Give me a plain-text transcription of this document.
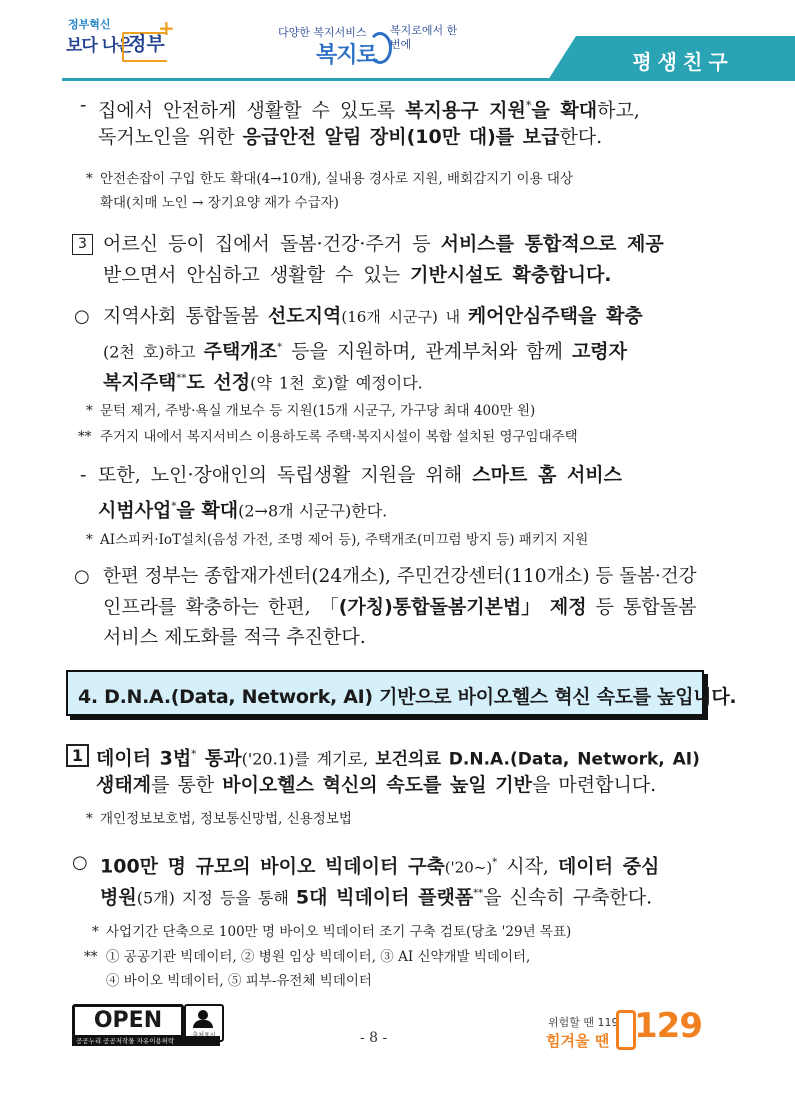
정부혁신
보다 나은
정부
+	다양한 복지서비스
복지로
복지로에서 한 번에
평생친구
- 집에서 안전하게 생활할 수 있도록 복지용구 지원*을 확대하고,
독거노인을 위한 응급안전 알림 장비(10만 대)를 보급한다.
* 안전손잡이 구입 한도 확대(4→10개), 실내용 경사로 지원, 배회감지기 이용 대상
확대(치매 노인 → 장기요양 재가 수급자)
3 어르신 등이 집에서 돌봄·건강·주거 등 서비스를 통합적으로 제공
받으면서 안심하고 생활할 수 있는 기반시설도 확충합니다.
○ 지역사회 통합돌봄 선도지역(16개 시군구) 내 케어안심주택을 확충
(2천 호)하고 주택개조* 등을 지원하며, 관계부처와 함께 고령자
복지주택**도 선정(약 1천 호)할 예정이다.
* 문턱 제거, 주방·욕실 개보수 등 지원(15개 시군구, 가구당 최대 400만 원)
** 주거지 내에서 복지서비스 이용하도록 주택·복지시설이 복합 설치된 영구임대주택
- 또한, 노인·장애인의 독립생활 지원을 위해 스마트 홈 서비스
시범사업*을 확대(2→8개 시군구)한다.
* AI스피커·IoT설치(음성 가전, 조명 제어 등), 주택개조(미끄럼 방지 등) 패키지 지원
○ 한편 정부는 종합재가센터(24개소), 주민건강센터(110개소) 등 돌봄·건강
인프라를 확충하는 한편, 「(가칭)통합돌봄기본법」 제정 등 통합돌봄
서비스 제도화를 적극 추진한다.
4. D.N.A.(Data, Network, AI) 기반으로 바이오헬스 혁신 속도를 높입니다.
1 데이터 3법* 통과('20.1)를 계기로, 보건의료 D.N.A.(Data, Network, AI)
생태계를 통한 바이오헬스 혁신의 속도를 높일 기반을 마련합니다.
* 개인정보보호법, 정보통신망법, 신용정보법
○ 100만 명 규모의 바이오 빅데이터 구축('20~)* 시작, 데이터 중심
병원(5개) 지정 등을 통해 5대 빅데이터 플랫폼**을 신속히 구축한다.
* 사업기간 단축으로 100만 명 바이오 빅데이터 조기 구축 검토(당초 '29년 목표)
** ① 공공기관 빅데이터, ② 병원 임상 빅데이터, ③ AI 신약개발 빅데이터,
④ 바이오 빅데이터, ⑤ 피부-유전체 빅데이터
OPEN
공공누리 공공저작물 자유이용허락	- 8 -
위험할 땐 119
힘겨울 땐 129
